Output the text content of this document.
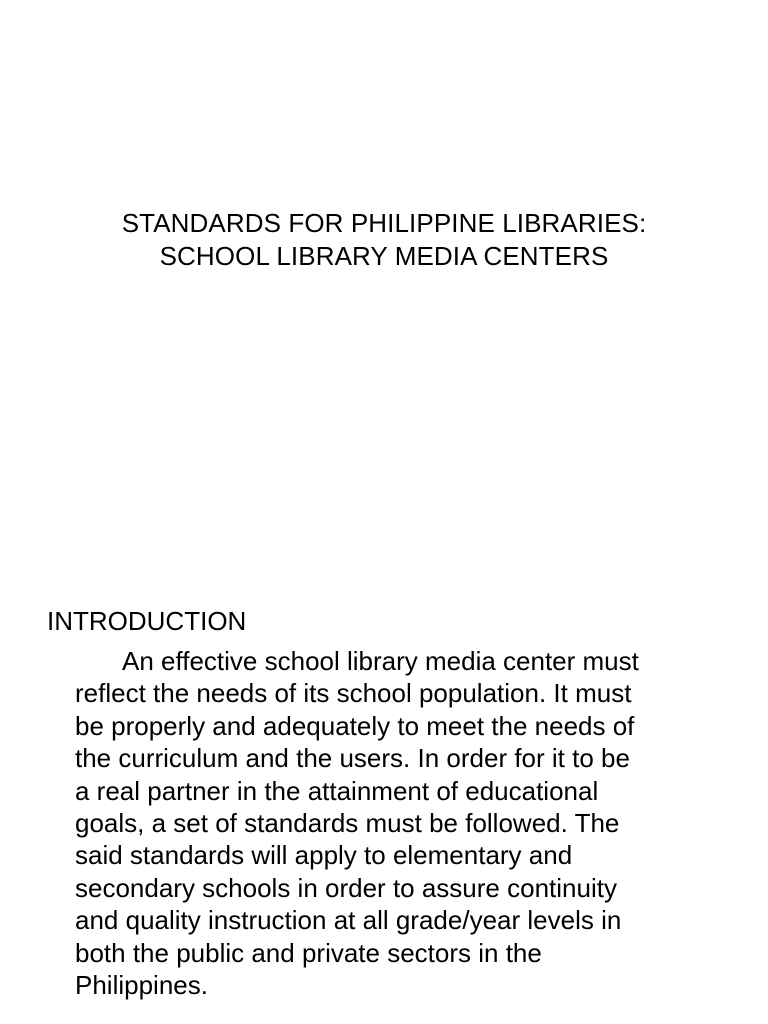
STANDARDS FOR PHILIPPINE LIBRARIES:
SCHOOL LIBRARY MEDIA CENTERS
INTRODUCTION
An effective school library media center must
reflect the needs of its school population. It must
be properly and adequately to meet the needs of
the curriculum and the users. In order for it to be
a real partner in the attainment of educational
goals, a set of standards must be followed. The
said standards will apply to elementary and
secondary schools in order to assure continuity
and quality instruction at all grade/year levels in
both the public and private sectors in the
Philippines.
